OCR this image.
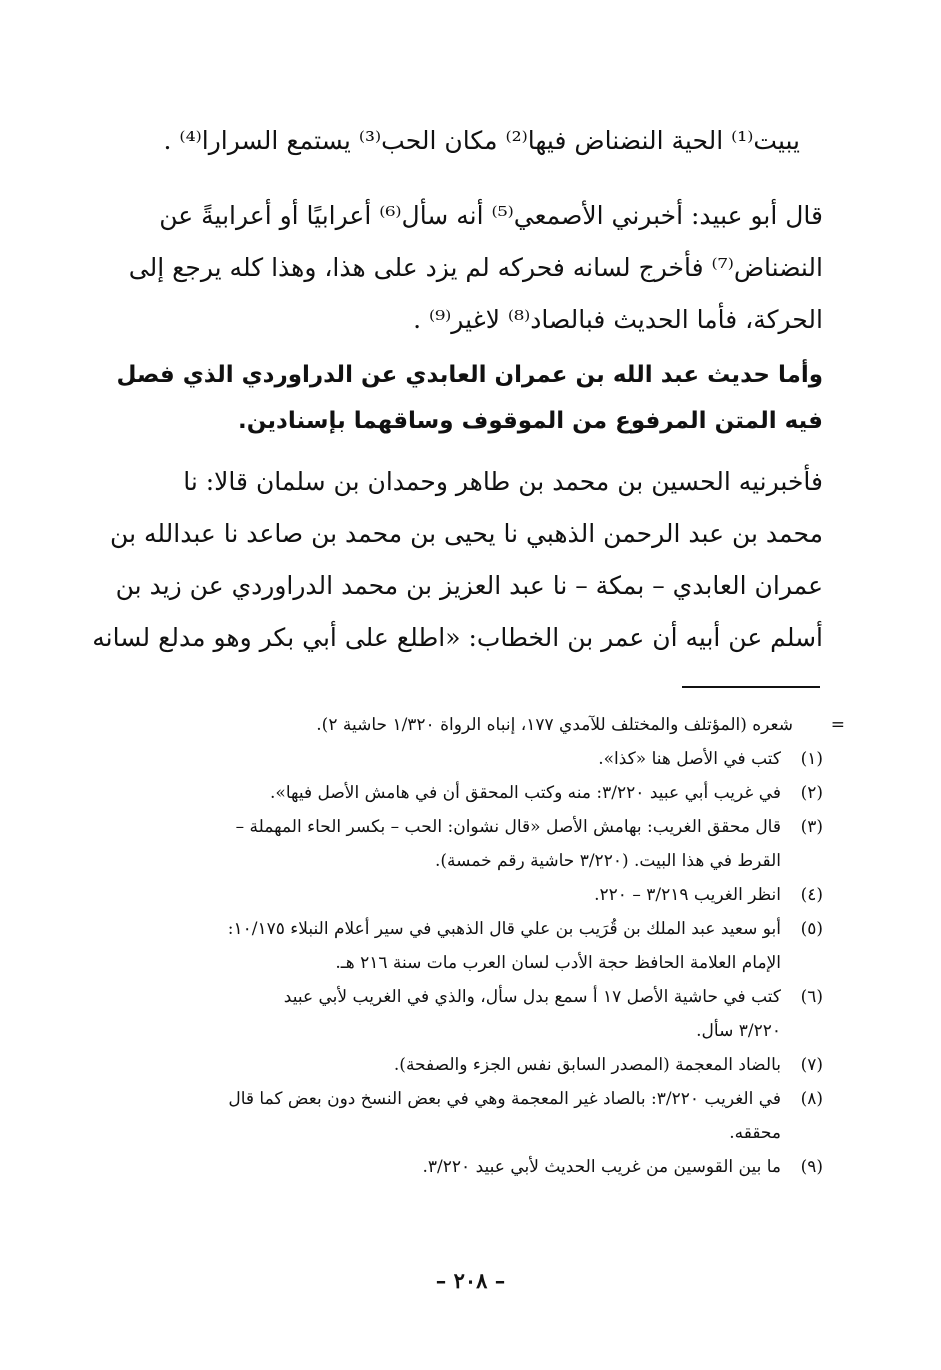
يبيت⁽¹⁾ الحية النضناض فيها⁽²⁾ مكان الحب⁽³⁾ يستمع السرارا⁽⁴⁾ .
قال أبو عبيد: أخبرني الأصمعي⁽⁵⁾ أنه سأل⁽⁶⁾ أعرابيًا أو أعرابيةً عن
النضناض⁽⁷⁾ فأخرج لسانه فحركه لم يزد على هذا، وهذا كله يرجع إلى
الحركة، فأما الحديث فبالصاد⁽⁸⁾ لاغير⁽⁹⁾ .
وأما حديث عبد الله بن عمران العابدي عن الدراوردي الذي فصل
فيه المتن المرفوع من الموقوف وساقهما بإسنادين.
فأخبرنيه الحسين بن محمد بن طاهر وحمدان بن سلمان قالا: نا
محمد بن عبد الرحمن الذهبي نا يحيى بن محمد بن صاعد نا عبدالله بن
عمران العابدي – بمكة – نا عبد العزيز بن محمد الدراوردي عن زيد بن
أسلم عن أبيه أن عمر بن الخطاب: «اطلع على أبي بكر وهو مدلع لسانه
=
شعره (المؤتلف والمختلف للآمدي ١٧٧، إنباه الرواة ١/٣٢٠ حاشية ٢).
(١)
كتب في الأصل هنا «كذا».
(٢)
في غريب أبي عبيد ٣/٢٢٠: منه وكتب المحقق أن في هامش الأصل فيها».
(٣)
قال محقق الغريب: بهامش الأصل «قال نشوان: الحب – بكسر الحاء المهملة –
القرط في هذا البيت. (٣/٢٢٠ حاشية رقم خمسة).
(٤)
انظر الغريب ٣/٢١٩ – ٢٢٠.
(٥)
أبو سعيد عبد الملك بن قُرَيب بن علي قال الذهبي في سير أعلام النبلاء ١٠/١٧٥:
الإمام العلامة الحافظ حجة الأدب لسان العرب مات سنة ٢١٦ هـ.
(٦)
كتب في حاشية الأصل ١٧ أ سمع بدل سأل، والذي في الغريب لأبي عبيد
٣/٢٢٠ سأل.
(٧)
بالضاد المعجمة (المصدر السابق نفس الجزء والصفحة).
(٨)
في الغريب ٣/٢٢٠: بالصاد غير المعجمة وهي في بعض النسخ دون بعض كما قال
محققه.
(٩)
ما بين القوسين من غريب الحديث لأبي عبيد ٣/٢٢٠.
– ٢٠٨ –
